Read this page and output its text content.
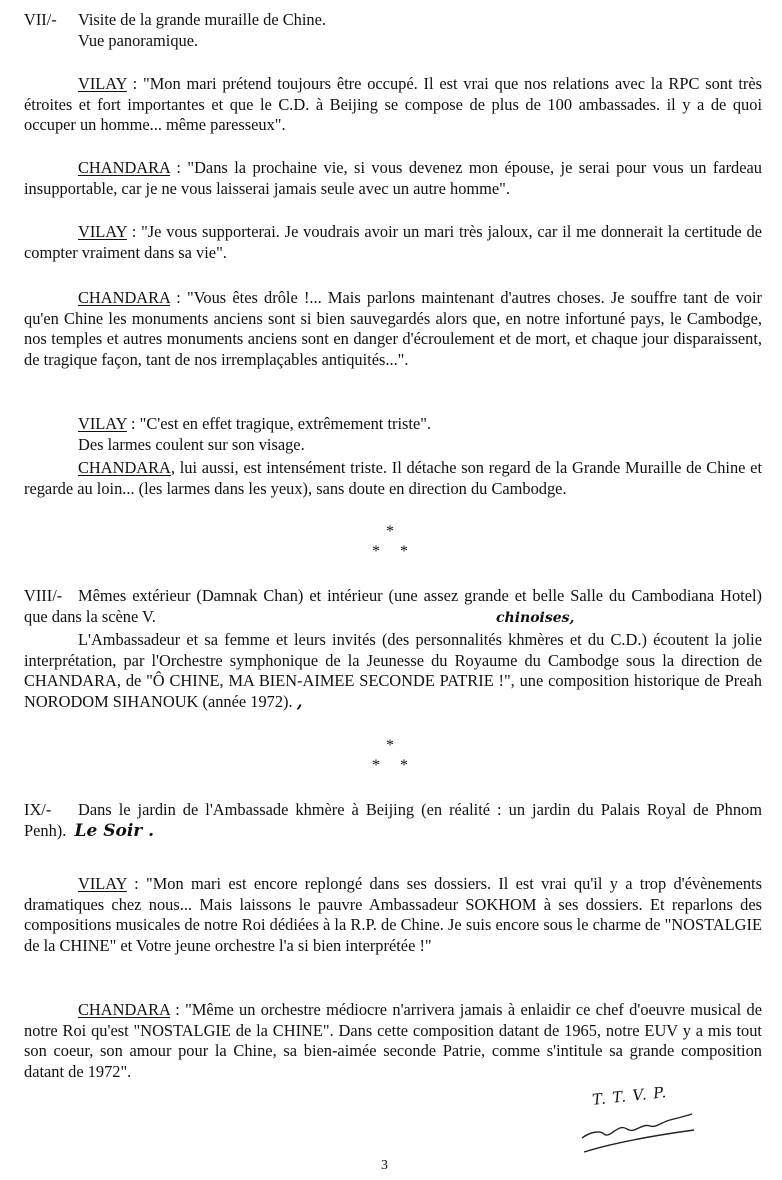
VII/- Visite de la grande muraille de Chine.
Vue panoramique.

VILAY : "Mon mari prétend toujours être occupé. Il est vrai que nos relations avec la RPC sont très étroites et fort importantes et que le C.D. à Beijing se compose de plus de 100 ambassades. il y a de quoi occuper un homme... même paresseux".

CHANDARA : "Dans la prochaine vie, si vous devenez mon épouse, je serai pour vous un fardeau insupportable, car je ne vous laisserai jamais seule avec un autre homme".

VILAY : "Je vous supporterai. Je voudrais avoir un mari très jaloux, car il me donnerait la certitude de compter vraiment dans sa vie".

CHANDARA : "Vous êtes drôle !... Mais parlons maintenant d'autres choses. Je souffre tant de voir qu'en Chine les monuments anciens sont si bien sauvegardés alors que, en notre infortuné pays, le Cambodge, nos temples et autres monuments anciens sont en danger d'écroulement et de mort, et chaque jour disparaissent, de tragique façon, tant de nos irremplaçables antiquités...".

VILAY : "C'est en effet tragique, extrêmement triste".
Des larmes coulent sur son visage.

CHANDARA, lui aussi, est intensément triste. Il détache son regard de la Grande Muraille de Chine et regarde au loin... (les larmes dans les yeux), sans doute en direction du Cambodge.

*
* *

VIII/- Mêmes extérieur (Damnak Chan) et intérieur (une assez grande et belle Salle du Cambodiana Hotel) que dans la scène V.	chinoises,

L'Ambassadeur et sa femme et leurs invités (des personnalités khmères et du C.D.) écoutent la jolie interprétation, par l'Orchestre symphonique de la Jeunesse du Royaume du Cambodge sous la direction de CHANDARA, de "Ô CHINE, MA BIEN-AIMEE SECONDE PATRIE !", une composition historique de Preah NORODOM SIHANOUK (année 1972). ,

*
* *

IX/- Dans le jardin de l'Ambassade khmère à Beijing (en réalité : un jardin du Palais Royal de Phnom Penh). Le Soir .

VILAY : "Mon mari est encore replongé dans ses dossiers. Il est vrai qu'il y a trop d'évènements dramatiques chez nous... Mais laissons le pauvre Ambassadeur SOKHOM à ses dossiers. Et reparlons des compositions musicales de notre Roi dédiées à la R.P. de Chine. Je suis encore sous le charme de "NOSTALGIE de la CHINE" et Votre jeune orchestre l'a si bien interprétée !"

CHANDARA : "Même un orchestre médiocre n'arrivera jamais à enlaidir ce chef d'oeuvre musical de notre Roi qu'est "NOSTALGIE de la CHINE". Dans cette composition datant de 1965, notre EUV y a mis tout son coeur, son amour pour la Chine, sa bien-aimée seconde Patrie, comme s'intitule sa grande composition datant de 1972".

T. T. V. P.
3
